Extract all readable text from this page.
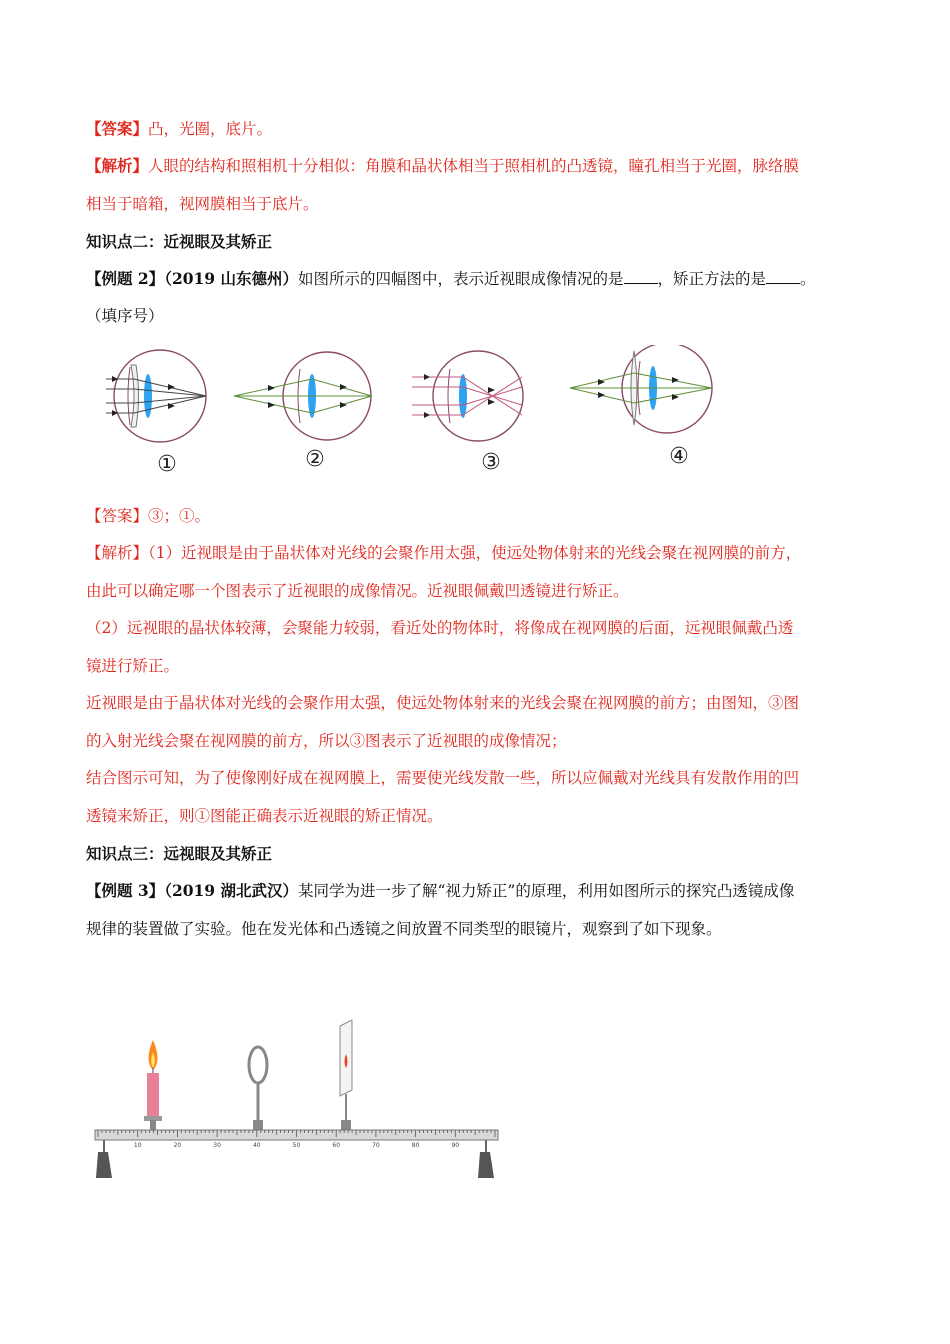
【答案】凸，光圈，底片。
【解析】人眼的结构和照相机十分相似：角膜和晶状体相当于照相机的凸透镜，瞳孔相当于光圈，脉络膜
相当于暗箱，视网膜相当于底片。
知识点二：近视眼及其矫正
【例题 2】（2019 山东德州）如图所示的四幅图中，表示近视眼成像情况的是 ，矫正方法的是 。
（填序号）
①	②	③	④
【答案】③；①。
【解析】（1）近视眼是由于晶状体对光线的会聚作用太强，使远处物体射来的光线会聚在视网膜的前方，
由此可以确定哪一个图表示了近视眼的成像情况。近视眼佩戴凹透镜进行矫正。
（2）远视眼的晶状体较薄，会聚能力较弱，看近处的物体时，将像成在视网膜的后面，远视眼佩戴凸透
镜进行矫正。
近视眼是由于晶状体对光线的会聚作用太强，使远处物体射来的光线会聚在视网膜的前方；由图知，③图
的入射光线会聚在视网膜的前方，所以③图表示了近视眼的成像情况；
结合图示可知，为了使像刚好成在视网膜上，需要使光线发散一些，所以应佩戴对光线具有发散作用的凹
透镜来矫正，则①图能正确表示近视眼的矫正情况。
知识点三：远视眼及其矫正
【例题 3】（2019 湖北武汉）某同学为进一步了解“视力矫正”的原理，利用如图所示的探究凸透镜成像
规律的装置做了实验。他在发光体和凸透镜之间放置不同类型的眼镜片，观察到了如下现象。
10	20	30	40	50	60	70	80	90
